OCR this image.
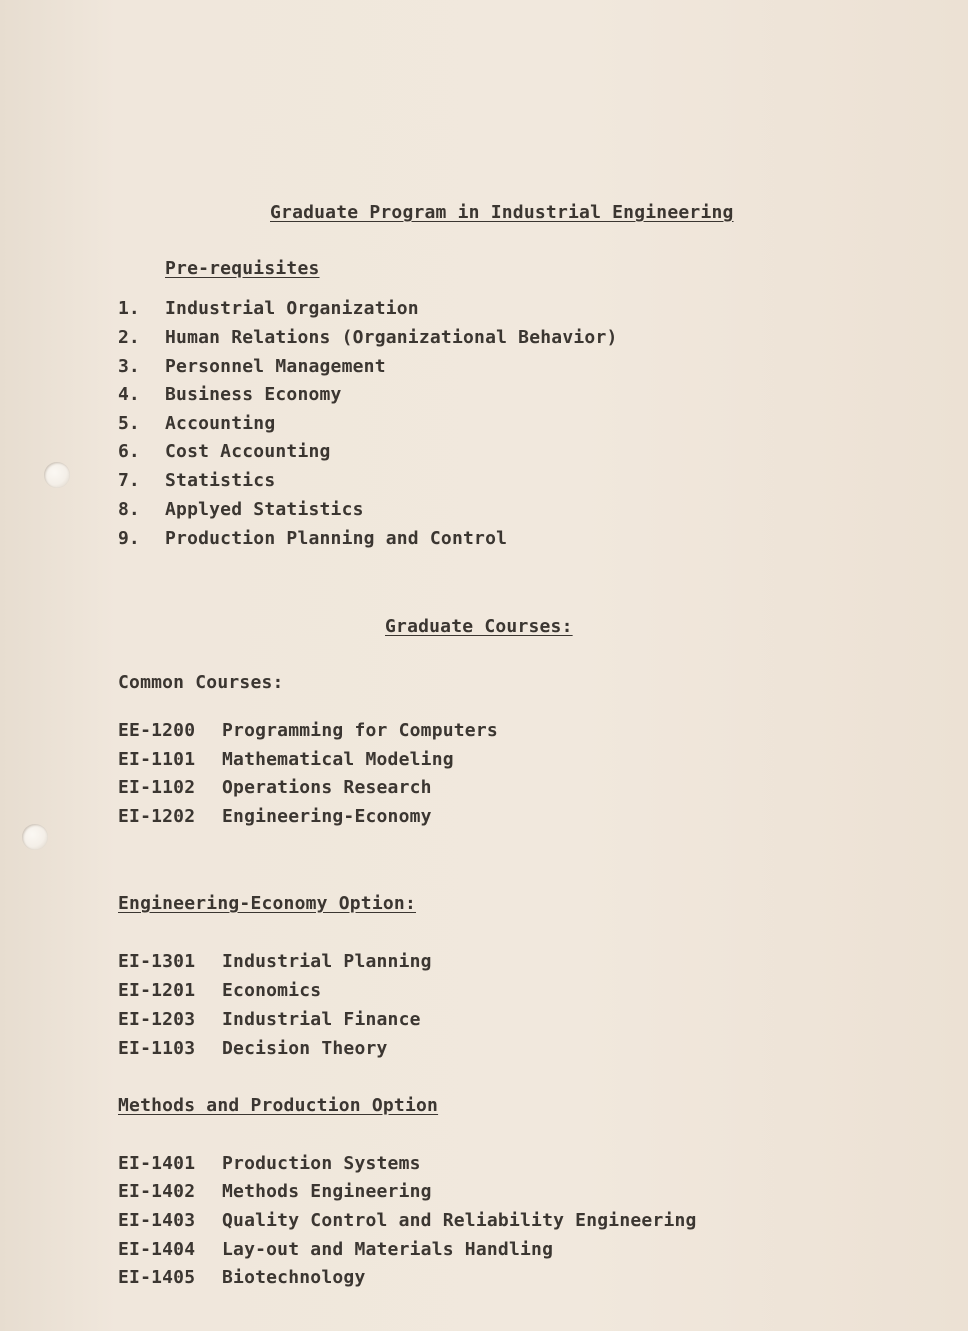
Graduate Program in Industrial Engineering
Pre-requisites
1. Industrial Organization
2. Human Relations (Organizational Behavior)
3. Personnel Management
4. Business Economy
5. Accounting
6. Cost Accounting
7. Statistics
8. Applyed Statistics
9. Production Planning and Control
Graduate Courses:
Common Courses:
EE-1200 Programming for Computers
EI-1101 Mathematical Modeling
EI-1102 Operations Research
EI-1202 Engineering-Economy
Engineering-Economy Option:
EI-1301 Industrial Planning
EI-1201 Economics
EI-1203 Industrial Finance
EI-1103 Decision Theory
Methods and Production Option
EI-1401 Production Systems
EI-1402 Methods Engineering
EI-1403 Quality Control and Reliability Engineering
EI-1404 Lay-out and Materials Handling
EI-1405 Biotechnology
